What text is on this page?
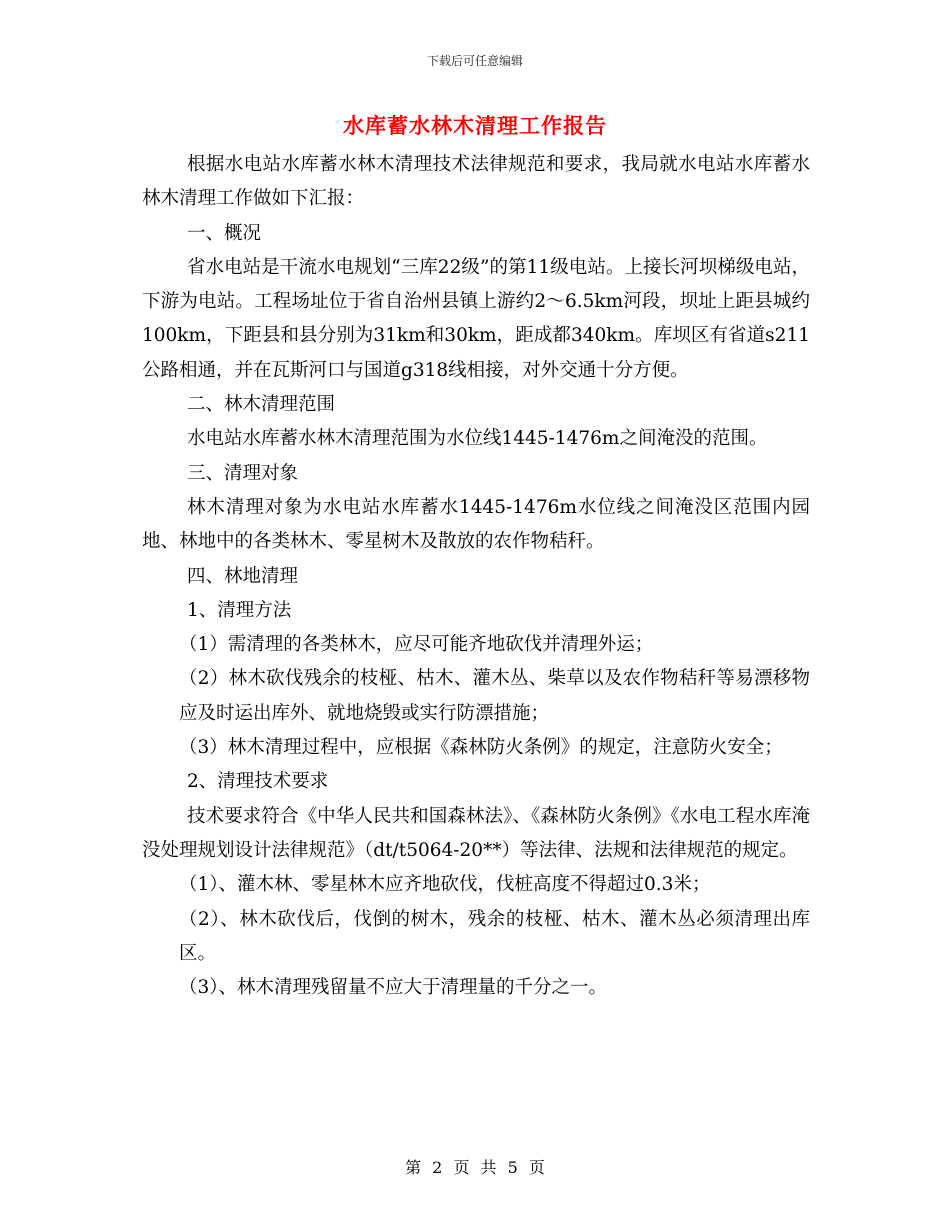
下载后可任意编辑
水库蓄水林木清理工作报告

根据水电站水库蓄水林木清理技术法律规范和要求，我局就水电站水库蓄水林木清理工作做如下汇报：

一、概况

省水电站是干流水电规划“三库22级”的第11级电站。上接长河坝梯级电站，下游为电站。工程场址位于省自治州县镇上游约2～6.5km河段，坝址上距县城约100km，下距县和县分别为31km和30km，距成都340km。库坝区有省道s211公路相通，并在瓦斯河口与国道g318线相接，对外交通十分方便。

二、林木清理范围

水电站水库蓄水林木清理范围为水位线1445-1476m之间淹没的范围。

三、清理对象

林木清理对象为水电站水库蓄水1445-1476m水位线之间淹没区范围内园地、林地中的各类林木、零星树木及散放的农作物秸秆。

四、林地清理

1、清理方法

（1）需清理的各类林木，应尽可能齐地砍伐并清理外运；

（2）林木砍伐残余的枝桠、枯木、灌木丛、柴草以及农作物秸秆等易漂移物应及时运出库外、就地烧毁或实行防漂措施；

（3）林木清理过程中，应根据《森林防火条例》的规定，注意防火安全；

2、清理技术要求

技术要求符合《中华人民共和国森林法》、《森林防火条例》《水电工程水库淹没处理规划设计法律规范》（dt/t5064-20**）等法律、法规和法律规范的规定。

（1）、灌木林、零星林木应齐地砍伐，伐桩高度不得超过0.3米；

（2）、林木砍伐后，伐倒的树木，残余的枝桠、枯木、灌木丛必须清理出库区。

（3）、林木清理残留量不应大于清理量的千分之一。

第 2 页 共 5 页
